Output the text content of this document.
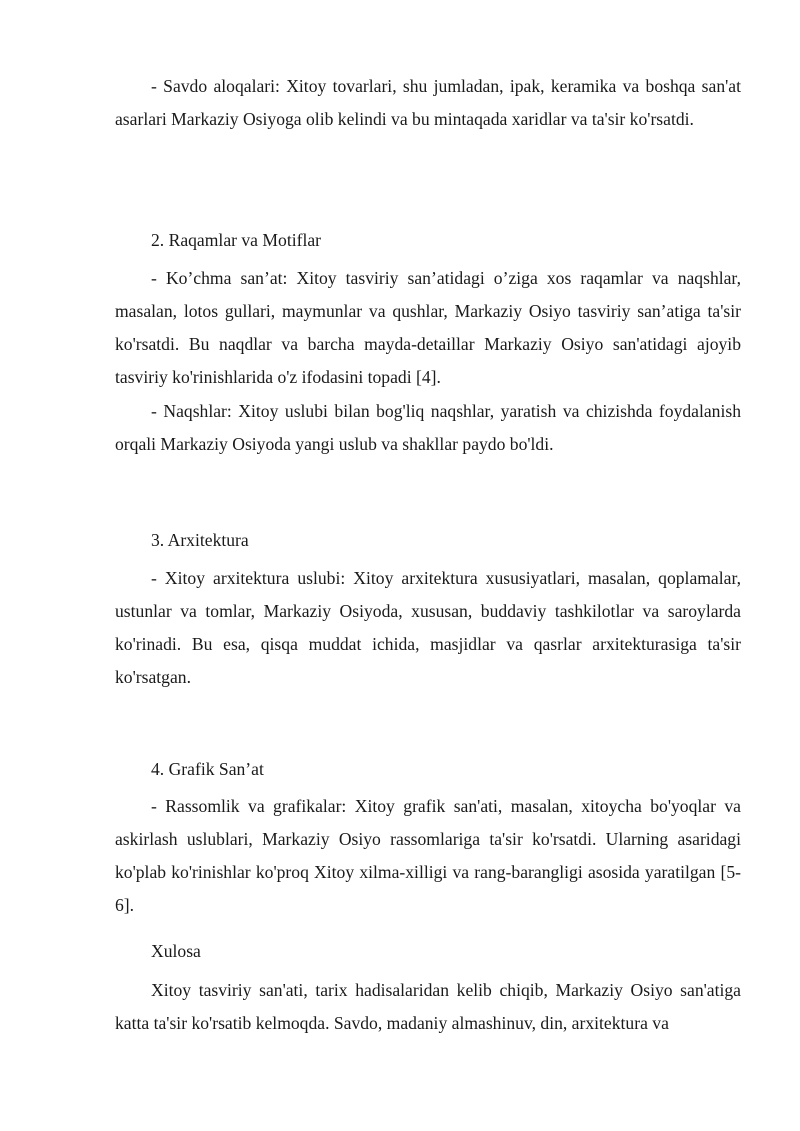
- Savdo aloqalari: Xitoy tovarlari, shu jumladan, ipak, keramika va boshqa san'at asarlari Markaziy Osiyoga olib kelindi va bu mintaqada xaridlar va ta'sir ko'rsatdi.

2. Raqamlar va Motiflar

- Ko’chma san’at: Xitoy tasviriy san’atidagi o’ziga xos raqamlar va naqshlar, masalan, lotos gullari, maymunlar va qushlar, Markaziy Osiyo tasviriy san’atiga ta'sir ko'rsatdi. Bu naqdlar va barcha mayda-detaillar Markaziy Osiyo san'atidagi ajoyib tasviriy ko'rinishlarida o'z ifodasini topadi [4].

- Naqshlar: Xitoy uslubi bilan bog'liq naqshlar, yaratish va chizishda foydalanish orqali Markaziy Osiyoda yangi uslub va shakllar paydo bo'ldi.

3. Arxitektura

- Xitoy arxitektura uslubi: Xitoy arxitektura xususiyatlari, masalan, qoplamalar, ustunlar va tomlar, Markaziy Osiyoda, xususan, buddaviy tashkilotlar va saroylarda ko'rinadi. Bu esa, qisqa muddat ichida, masjidlar va qasrlar arxitekturasiga ta'sir ko'rsatgan.

4. Grafik San’at

- Rassomlik va grafikalar: Xitoy grafik san'ati, masalan, xitoycha bo'yoqlar va askirlash uslublari, Markaziy Osiyo rassomlariga ta'sir ko'rsatdi. Ularning asaridagi ko'plab ko'rinishlar ko'proq Xitoy xilma-xilligi va rang-barangligi asosida yaratilgan [5-6].

Xulosa

Xitoy tasviriy san'ati, tarix hadisalaridan kelib chiqib, Markaziy Osiyo san'atiga katta ta'sir ko'rsatib kelmoqda. Savdo, madaniy almashinuv, din, arxitektura va
